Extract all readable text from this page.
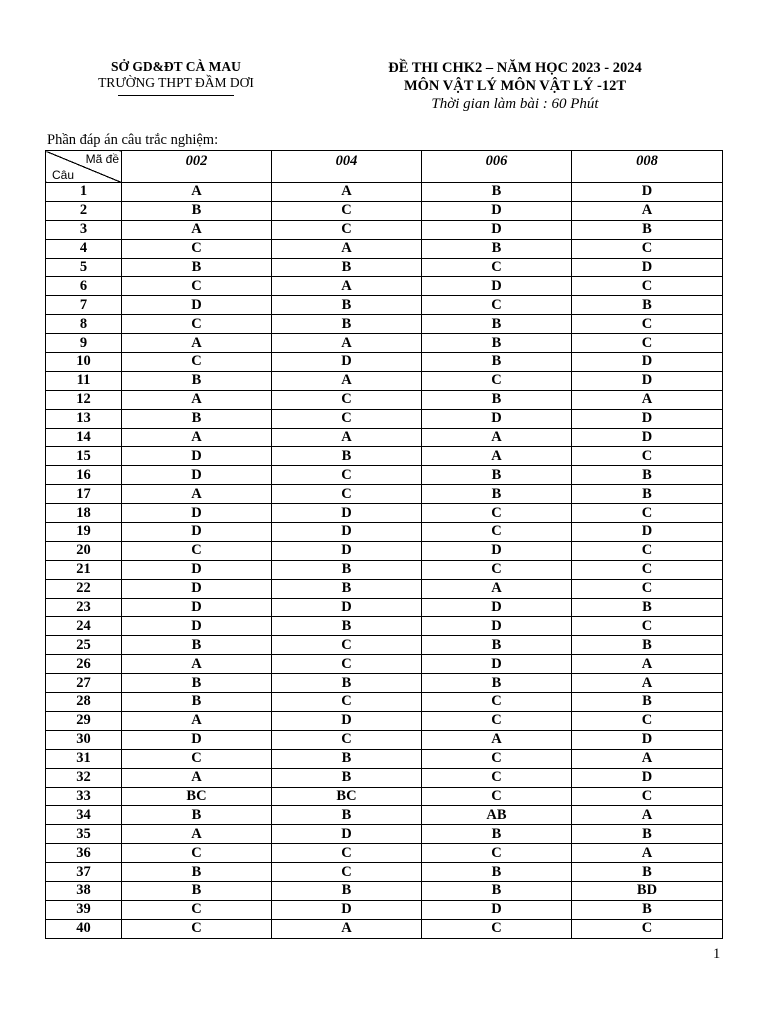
SỞ GD&ĐT CÀ MAU
TRƯỜNG THPT ĐẦM DƠI
ĐỀ THI CHK2 – NĂM HỌC 2023 - 2024
MÔN VẬT LÝ MÔN VẬT LÝ -12T
Thời gian làm bài : 60 Phút
Phần đáp án câu trắc nghiệm:
Mã đề
Câu	002	004	006	008
1	A	A	B	D
2	B	C	D	A
3	A	C	D	B
4	C	A	B	C
5	B	B	C	D
6	C	A	D	C
7	D	B	C	B
8	C	B	B	C
9	A	A	B	C
10	C	D	B	D
11	B	A	C	D
12	A	C	B	A
13	B	C	D	D
14	A	A	A	D
15	D	B	A	C
16	D	C	B	B
17	A	C	B	B
18	D	D	C	C
19	D	D	C	D
20	C	D	D	C
21	D	B	C	C
22	D	B	A	C
23	D	D	D	B
24	D	B	D	C
25	B	C	B	B
26	A	C	D	A
27	B	B	B	A
28	B	C	C	B
29	A	D	C	C
30	D	C	A	D
31	C	B	C	A
32	A	B	C	D
33	BC	BC	C	C
34	B	B	AB	A
35	A	D	B	B
36	C	C	C	A
37	B	C	B	B
38	B	B	B	BD
39	C	D	D	B
40	C	A	C	C
1
